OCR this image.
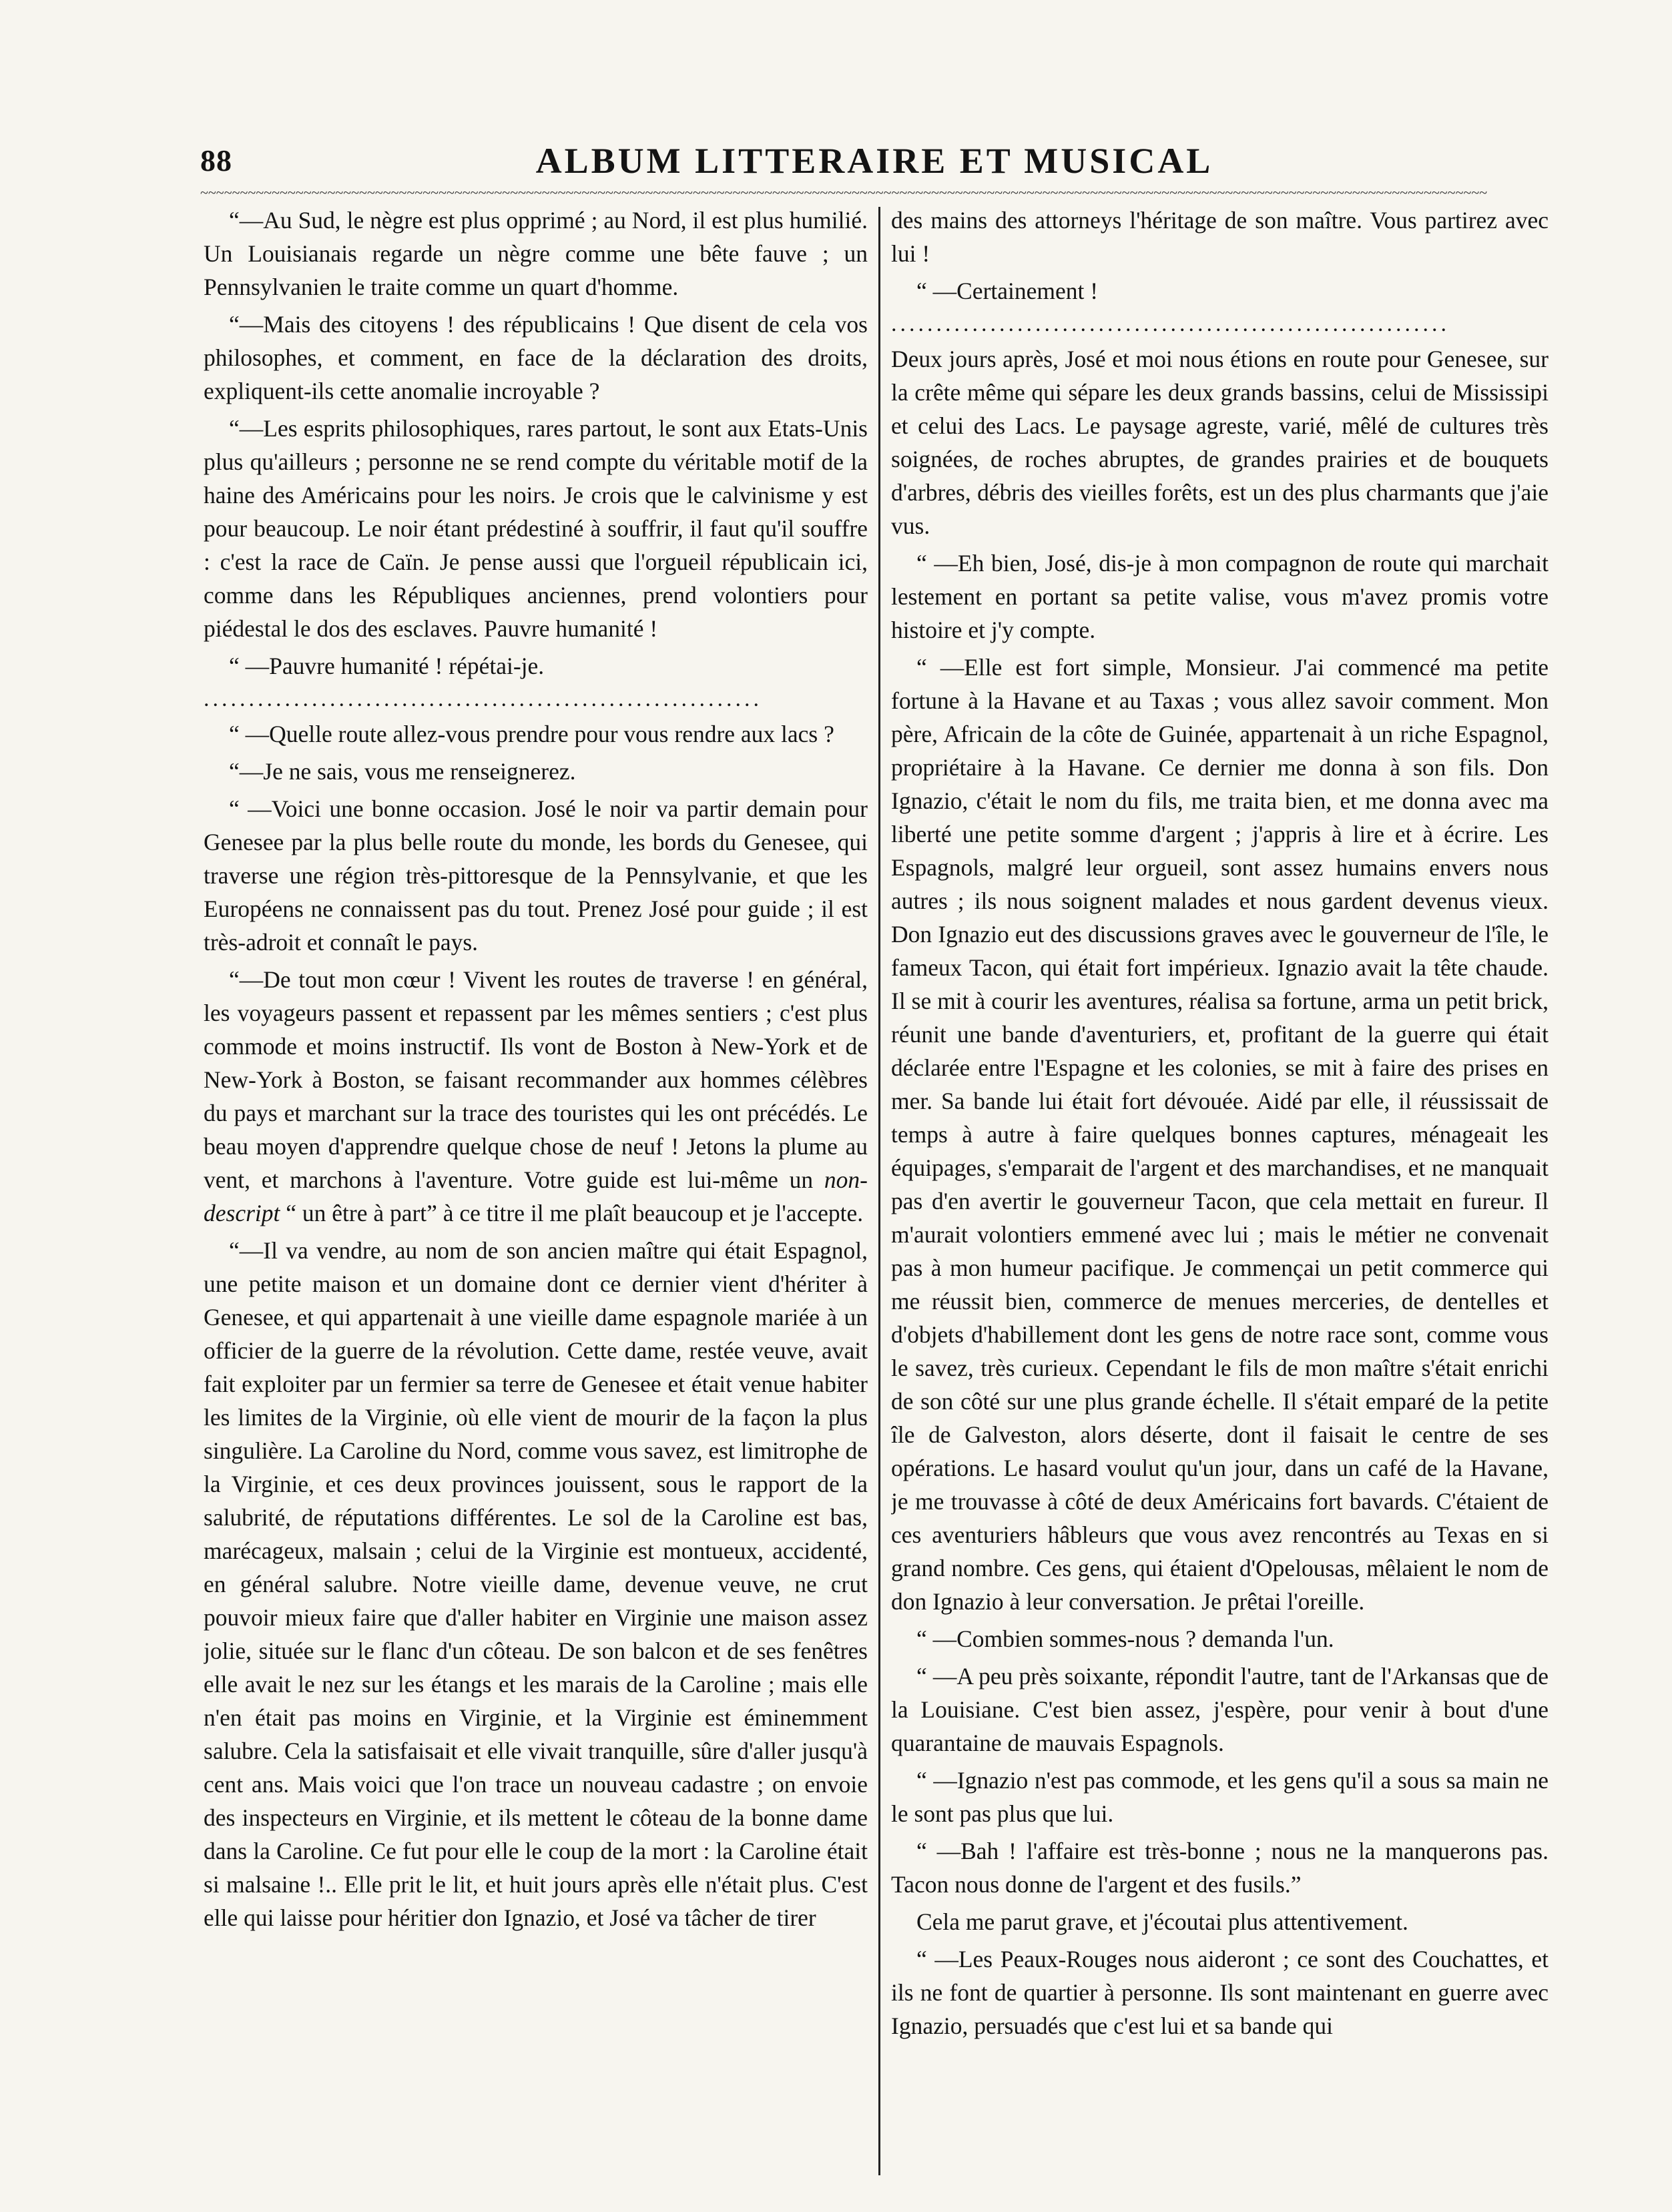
88	ALBUM LITTERAIRE ET MUSICAL
~~~~~~~~~~~~~~~~~~~~~~~~~~~~~~~~~~~~~~~~~~~~~~~~~~~~~~~~~~~~~~~~~~~~~~~~~~~~~~~~~~~~~~~~~~~~~~~~~~~~~~~~~~~~~~~~~~~~~~~~~~~~~~~~~~~~~~~~~~~~~~~~~~~~~~~~~~~~~~~~~~

“—Au Sud, le nègre est plus opprimé ; au Nord, il est plus humilié. Un Louisianais regarde un nègre comme une bête fauve ; un Pennsylvanien le traite comme un quart d'homme.

“—Mais des citoyens ! des républicains ! Que disent de cela vos philosophes, et comment, en face de la déclaration des droits, expliquent-ils cette anomalie incroyable ?

“—Les esprits philosophiques, rares partout, le sont aux Etats-Unis plus qu'ailleurs ; personne ne se rend compte du véritable motif de la haine des Américains pour les noirs. Je crois que le calvinisme y est pour beaucoup. Le noir étant prédestiné à souffrir, il faut qu'il souffre : c'est la race de Caïn. Je pense aussi que l'orgueil républicain ici, comme dans les Républiques anciennes, prend volontiers pour piédestal le dos des esclaves. Pauvre humanité !

“ —Pauvre humanité ! répétai-je.

..............................................................

“ —Quelle route allez-vous prendre pour vous rendre aux lacs ?

“—Je ne sais, vous me renseignerez.

“ —Voici une bonne occasion. José le noir va partir demain pour Genesee par la plus belle route du monde, les bords du Genesee, qui traverse une région très-pittoresque de la Pennsylvanie, et que les Européens ne connaissent pas du tout. Prenez José pour guide ; il est très-adroit et connaît le pays.

“—De tout mon cœur ! Vivent les routes de traverse ! en général, les voyageurs passent et repassent par les mêmes sentiers ; c'est plus commode et moins instructif. Ils vont de Boston à New-York et de New-York à Boston, se faisant recommander aux hommes célèbres du pays et marchant sur la trace des touristes qui les ont précédés. Le beau moyen d'apprendre quelque chose de neuf ! Jetons la plume au vent, et marchons à l'aventure. Votre guide est lui-même un non-descript “ un être à part” à ce titre il me plaît beaucoup et je l'accepte.

“—Il va vendre, au nom de son ancien maître qui était Espagnol, une petite maison et un domaine dont ce dernier vient d'hériter à Genesee, et qui appartenait à une vieille dame espagnole mariée à un officier de la guerre de la révolution. Cette dame, restée veuve, avait fait exploiter par un fermier sa terre de Genesee et était venue habiter les limites de la Virginie, où elle vient de mourir de la façon la plus singulière. La Caroline du Nord, comme vous savez, est limitrophe de la Virginie, et ces deux provinces jouissent, sous le rapport de la salubrité, de réputations différentes. Le sol de la Caroline est bas, marécageux, malsain ; celui de la Virginie est montueux, accidenté, en général salubre. Notre vieille dame, devenue veuve, ne crut pouvoir mieux faire que d'aller habiter en Virginie une maison assez jolie, située sur le flanc d'un côteau. De son balcon et de ses fenêtres elle avait le nez sur les étangs et les marais de la Caroline ; mais elle n'en était pas moins en Virginie, et la Virginie est éminemment salubre. Cela la satisfaisait et elle vivait tranquille, sûre d'aller jusqu'à cent ans. Mais voici que l'on trace un nouveau cadastre ; on envoie des inspecteurs en Virginie, et ils mettent le côteau de la bonne dame dans la Caroline. Ce fut pour elle le coup de la mort : la Caroline était si malsaine !.. Elle prit le lit, et huit jours après elle n'était plus. C'est elle qui laisse pour héritier don Ignazio, et José va tâcher de tirer

des mains des attorneys l'héritage de son maître. Vous partirez avec lui !

“ —Certainement !

..............................................................

Deux jours après, José et moi nous étions en route pour Genesee, sur la crête même qui sépare les deux grands bassins, celui de Mississipi et celui des Lacs. Le paysage agreste, varié, mêlé de cultures très soignées, de roches abruptes, de grandes prairies et de bouquets d'arbres, débris des vieilles forêts, est un des plus charmants que j'aie vus.

“ —Eh bien, José, dis-je à mon compagnon de route qui marchait lestement en portant sa petite valise, vous m'avez promis votre histoire et j'y compte.

“ —Elle est fort simple, Monsieur. J'ai commencé ma petite fortune à la Havane et au Taxas ; vous allez savoir comment. Mon père, Africain de la côte de Guinée, appartenait à un riche Espagnol, propriétaire à la Havane. Ce dernier me donna à son fils. Don Ignazio, c'était le nom du fils, me traita bien, et me donna avec ma liberté une petite somme d'argent ; j'appris à lire et à écrire. Les Espagnols, malgré leur orgueil, sont assez humains envers nous autres ; ils nous soignent malades et nous gardent devenus vieux. Don Ignazio eut des discussions graves avec le gouverneur de l'île, le fameux Tacon, qui était fort impérieux. Ignazio avait la tête chaude. Il se mit à courir les aventures, réalisa sa fortune, arma un petit brick, réunit une bande d'aventuriers, et, profitant de la guerre qui était déclarée entre l'Espagne et les colonies, se mit à faire des prises en mer. Sa bande lui était fort dévouée. Aidé par elle, il réussissait de temps à autre à faire quelques bonnes captures, ménageait les équipages, s'emparait de l'argent et des marchandises, et ne manquait pas d'en avertir le gouverneur Tacon, que cela mettait en fureur. Il m'aurait volontiers emmené avec lui ; mais le métier ne convenait pas à mon humeur pacifique. Je commençai un petit commerce qui me réussit bien, commerce de menues merceries, de dentelles et d'objets d'habillement dont les gens de notre race sont, comme vous le savez, très curieux. Cependant le fils de mon maître s'était enrichi de son côté sur une plus grande échelle. Il s'était emparé de la petite île de Galveston, alors déserte, dont il faisait le centre de ses opérations. Le hasard voulut qu'un jour, dans un café de la Havane, je me trouvasse à côté de deux Américains fort bavards. C'étaient de ces aventuriers hâbleurs que vous avez rencontrés au Texas en si grand nombre. Ces gens, qui étaient d'Opelousas, mêlaient le nom de don Ignazio à leur conversation. Je prêtai l'oreille.

“ —Combien sommes-nous ? demanda l'un.

“ —A peu près soixante, répondit l'autre, tant de l'Arkansas que de la Louisiane. C'est bien assez, j'espère, pour venir à bout d'une quarantaine de mauvais Espagnols.

“ —Ignazio n'est pas commode, et les gens qu'il a sous sa main ne le sont pas plus que lui.

“ —Bah ! l'affaire est très-bonne ; nous ne la manquerons pas. Tacon nous donne de l'argent et des fusils.”

Cela me parut grave, et j'écoutai plus attentivement.

“ —Les Peaux-Rouges nous aideront ; ce sont des Couchattes, et ils ne font de quartier à personne. Ils sont maintenant en guerre avec Ignazio, persuadés que c'est lui et sa bande qui
